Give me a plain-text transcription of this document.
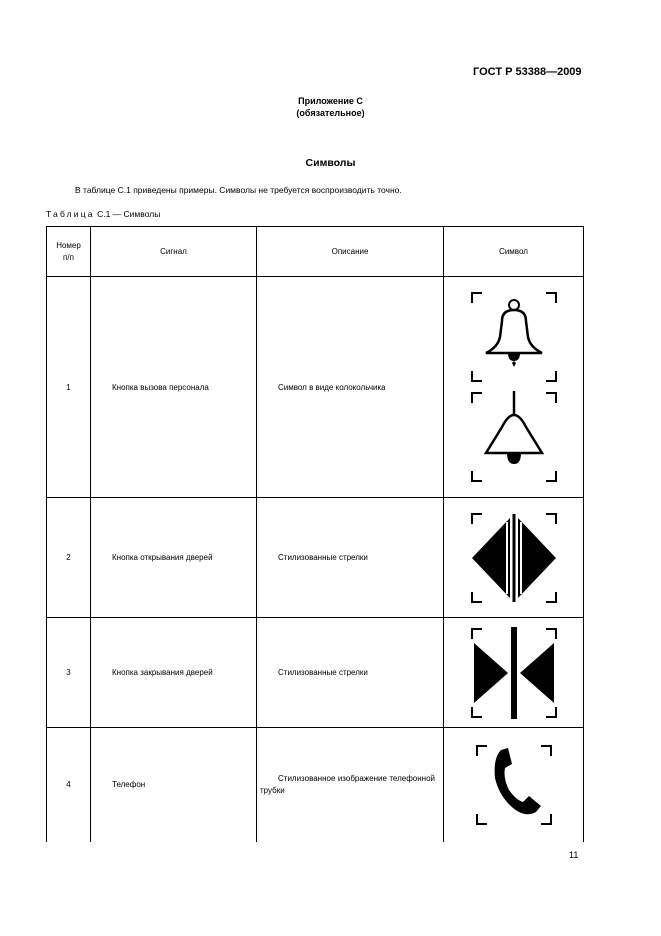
ГОСТ Р 53388—2009
Приложение С
(обязательное)
Символы
В таблице С.1 приведены примеры. Символы не требуется воспроизводить точно.
Таблица С.1 — Символы
Номер
п/п	Сигнал	Описание	Символ
1	Кнопка вызова персонала	Символ в виде колокольчика	

2	Кнопка открывания дверей	Стилизованные стрелки	

3	Кнопка закрывания дверей	Стилизованные стрелки	

4	Телефон	Стилизованное изображение телефонной трубки	
11
